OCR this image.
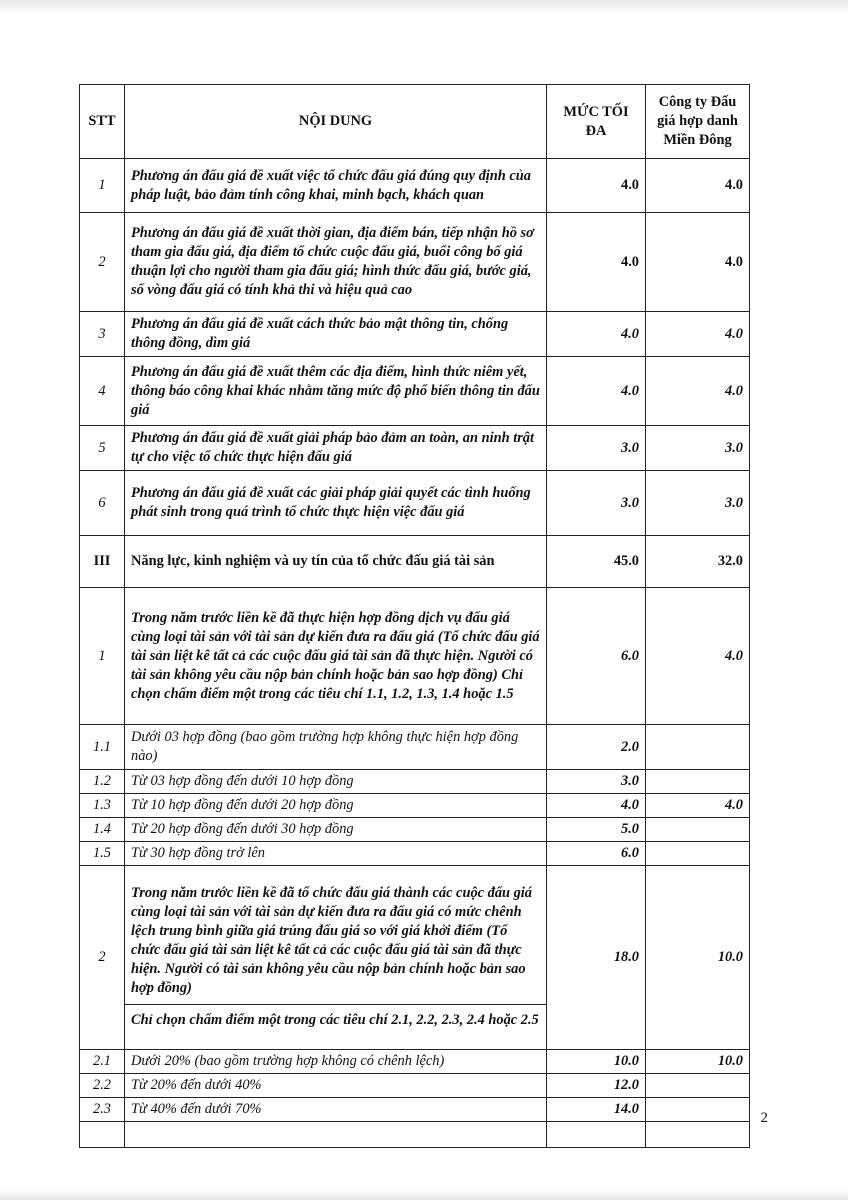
STT	NỘI DUNG	MỨC TỐI ĐA	Công ty Đấu giá hợp danh Miền Đông
1	Phương án đấu giá đề xuất việc tổ chức đấu giá đúng quy định của pháp luật, bảo đảm tính công khai, minh bạch, khách quan	4.0	4.0
2	Phương án đấu giá đề xuất thời gian, địa điểm bán, tiếp nhận hồ sơ tham gia đấu giá, địa điểm tổ chức cuộc đấu giá, buổi công bố giá thuận lợi cho người tham gia đấu giá; hình thức đấu giá, bước giá, số vòng đấu giá có tính khả thi và hiệu quả cao	4.0	4.0
3	Phương án đấu giá đề xuất cách thức bảo mật thông tin, chống thông đồng, dìm giá	4.0	4.0
4	Phương án đấu giá đề xuất thêm các địa điểm, hình thức niêm yết, thông báo công khai khác nhằm tăng mức độ phổ biến thông tin đấu giá	4.0	4.0
5	Phương án đấu giá đề xuất giải pháp bảo đảm an toàn, an ninh trật tự cho việc tổ chức thực hiện đấu giá	3.0	3.0
6	Phương án đấu giá đề xuất các giải pháp giải quyết các tình huống phát sinh trong quá trình tổ chức thực hiện việc đấu giá	3.0	3.0
III	Năng lực, kinh nghiệm và uy tín của tổ chức đấu giá tài sản	45.0	32.0
1	Trong năm trước liền kề đã thực hiện hợp đồng dịch vụ đấu giá cùng loại tài sản với tài sản dự kiến đưa ra đấu giá (Tổ chức đấu giá tài sản liệt kê tất cả các cuộc đấu giá tài sản đã thực hiện. Người có tài sản không yêu cầu nộp bản chính hoặc bản sao hợp đồng) Chỉ chọn chấm điểm một trong các tiêu chí 1.1, 1.2, 1.3, 1.4 hoặc 1.5	6.0	4.0
1.1	Dưới 03 hợp đồng (bao gồm trường hợp không thực hiện hợp đồng nào)	2.0	
1.2	Từ 03 hợp đồng đến dưới 10 hợp đồng	3.0	
1.3	Từ 10 hợp đồng đến dưới 20 hợp đồng	4.0	4.0
1.4	Từ 20 hợp đồng đến dưới 30 hợp đồng	5.0	
1.5	Từ 30 hợp đồng trở lên	6.0	
2	Trong năm trước liền kề đã tổ chức đấu giá thành các cuộc đấu giá cùng loại tài sản với tài sản dự kiến đưa ra đấu giá có mức chênh lệch trung bình giữa giá trúng đấu giá so với giá khởi điểm (Tổ chức đấu giá tài sản liệt kê tất cả các cuộc đấu giá tài sản đã thực hiện. Người có tài sản không yêu cầu nộp bản chính hoặc bản sao hợp đồng)
Chỉ chọn chấm điểm một trong các tiêu chí 2.1, 2.2, 2.3, 2.4 hoặc 2.5	18.0	10.0
2.1	Dưới 20% (bao gồm trường hợp không có chênh lệch)	10.0	10.0
2.2	Từ 20% đến dưới 40%	12.0	
2.3	Từ 40% đến dưới 70%	14.0	

2
